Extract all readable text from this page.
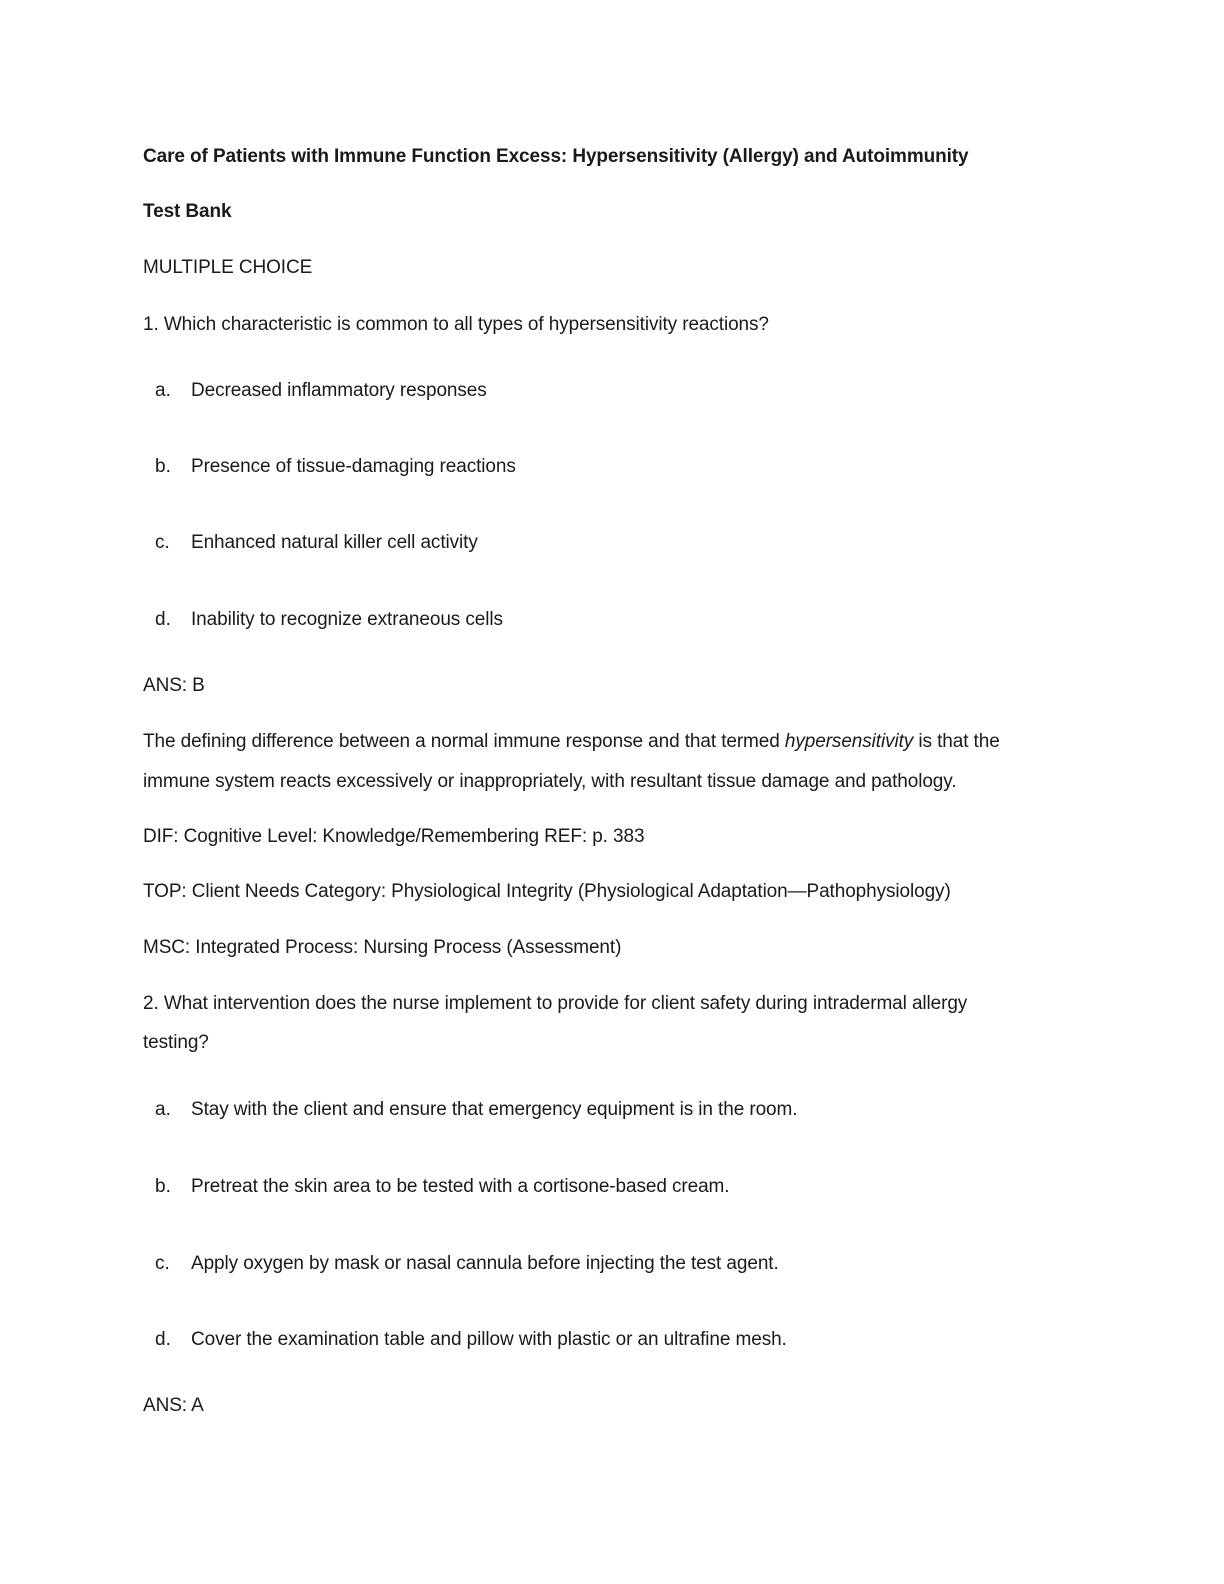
Care of Patients with Immune Function Excess: Hypersensitivity (Allergy) and Autoimmunity
Test Bank
MULTIPLE CHOICE
1. Which characteristic is common to all types of hypersensitivity reactions?
a. Decreased inflammatory responses
b. Presence of tissue-damaging reactions
c. Enhanced natural killer cell activity
d. Inability to recognize extraneous cells
ANS: B
The defining difference between a normal immune response and that termed hypersensitivity is that the
immune system reacts excessively or inappropriately, with resultant tissue damage and pathology.
DIF: Cognitive Level: Knowledge/Remembering REF: p. 383
TOP: Client Needs Category: Physiological Integrity (Physiological Adaptation—Pathophysiology)
MSC: Integrated Process: Nursing Process (Assessment)
2. What intervention does the nurse implement to provide for client safety during intradermal allergy
testing?
a. Stay with the client and ensure that emergency equipment is in the room.
b. Pretreat the skin area to be tested with a cortisone-based cream.
c. Apply oxygen by mask or nasal cannula before injecting the test agent.
d. Cover the examination table and pillow with plastic or an ultrafine mesh.
ANS: A
